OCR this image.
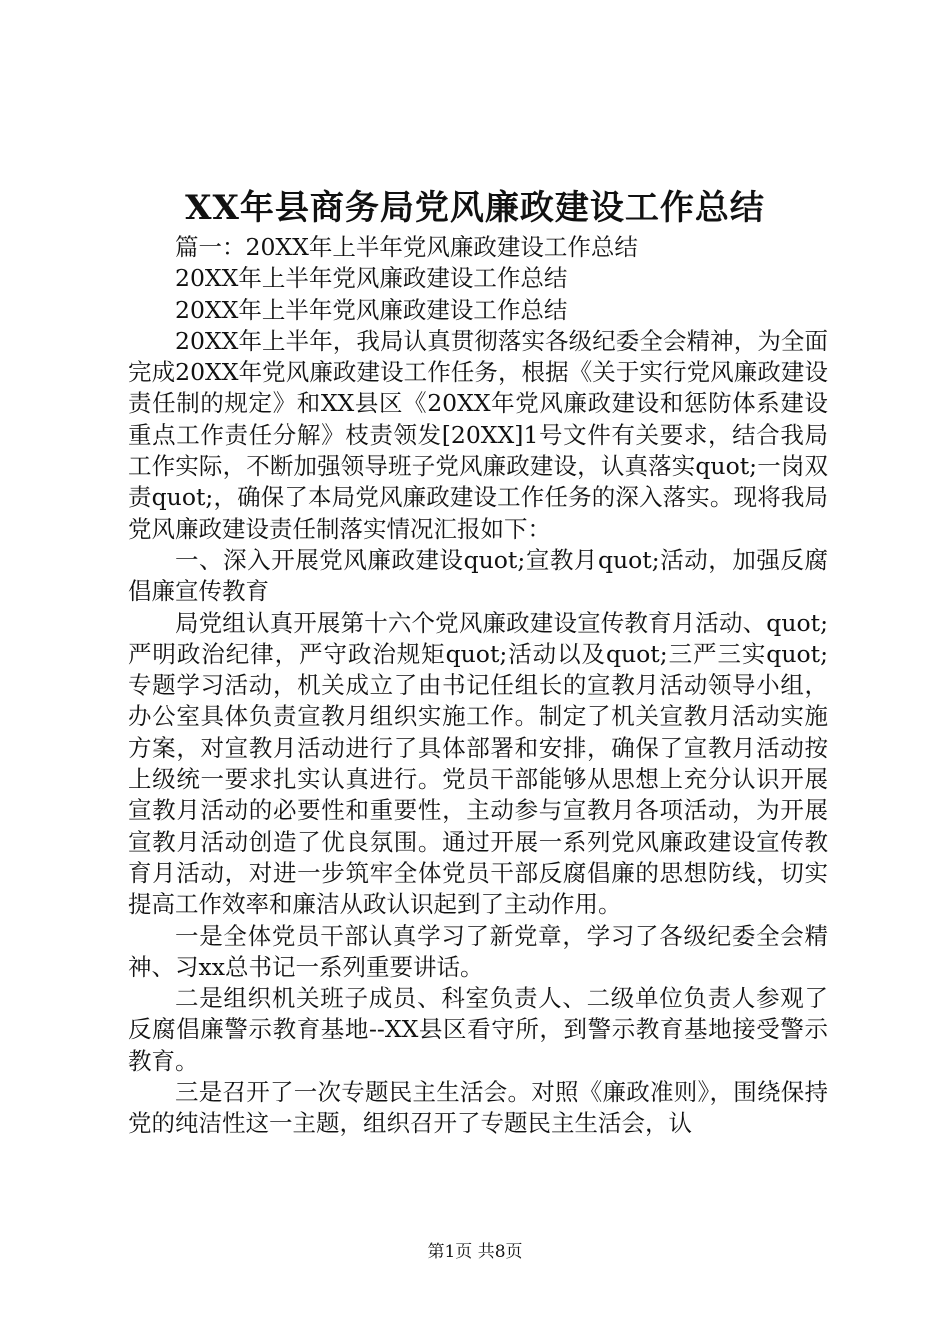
XX年县商务局党风廉政建设工作总结

篇一：20XX年上半年党风廉政建设工作总结

20XX年上半年党风廉政建设工作总结

20XX年上半年党风廉政建设工作总结

20XX年上半年，我局认真贯彻落实各级纪委全会精神，为全面完成20XX年党风廉政建设工作任务，根据《关于实行党风廉政建设责任制的规定》和XX县区《20XX年党风廉政建设和惩防体系建设重点工作责任分解》枝责领发[20XX]1号文件有关要求，结合我局工作实际，不断加强领导班子党风廉政建设，认真落实quot;一岗双责quot;，确保了本局党风廉政建设工作任务的深入落实。现将我局党风廉政建设责任制落实情况汇报如下：

一、深入开展党风廉政建设quot;宣教月quot;活动，加强反腐倡廉宣传教育

局党组认真开展第十六个党风廉政建设宣传教育月活动、quot;严明政治纪律，严守政治规矩quot;活动以及quot;三严三实quot;专题学习活动，机关成立了由书记任组长的宣教月活动领导小组，办公室具体负责宣教月组织实施工作。制定了机关宣教月活动实施方案，对宣教月活动进行了具体部署和安排，确保了宣教月活动按上级统一要求扎实认真进行。党员干部能够从思想上充分认识开展宣教月活动的必要性和重要性，主动参与宣教月各项活动，为开展宣教月活动创造了优良氛围。通过开展一系列党风廉政建设宣传教育月活动，对进一步筑牢全体党员干部反腐倡廉的思想防线，切实提高工作效率和廉洁从政认识起到了主动作用。

一是全体党员干部认真学习了新党章，学习了各级纪委全会精神、习xx总书记一系列重要讲话。

二是组织机关班子成员、科室负责人、二级单位负责人参观了反腐倡廉警示教育基地--XX县区看守所，到警示教育基地接受警示教育。

三是召开了一次专题民主生活会。对照《廉政准则》，围绕保持党的纯洁性这一主题，组织召开了专题民主生活会，认

第1页 共8页
